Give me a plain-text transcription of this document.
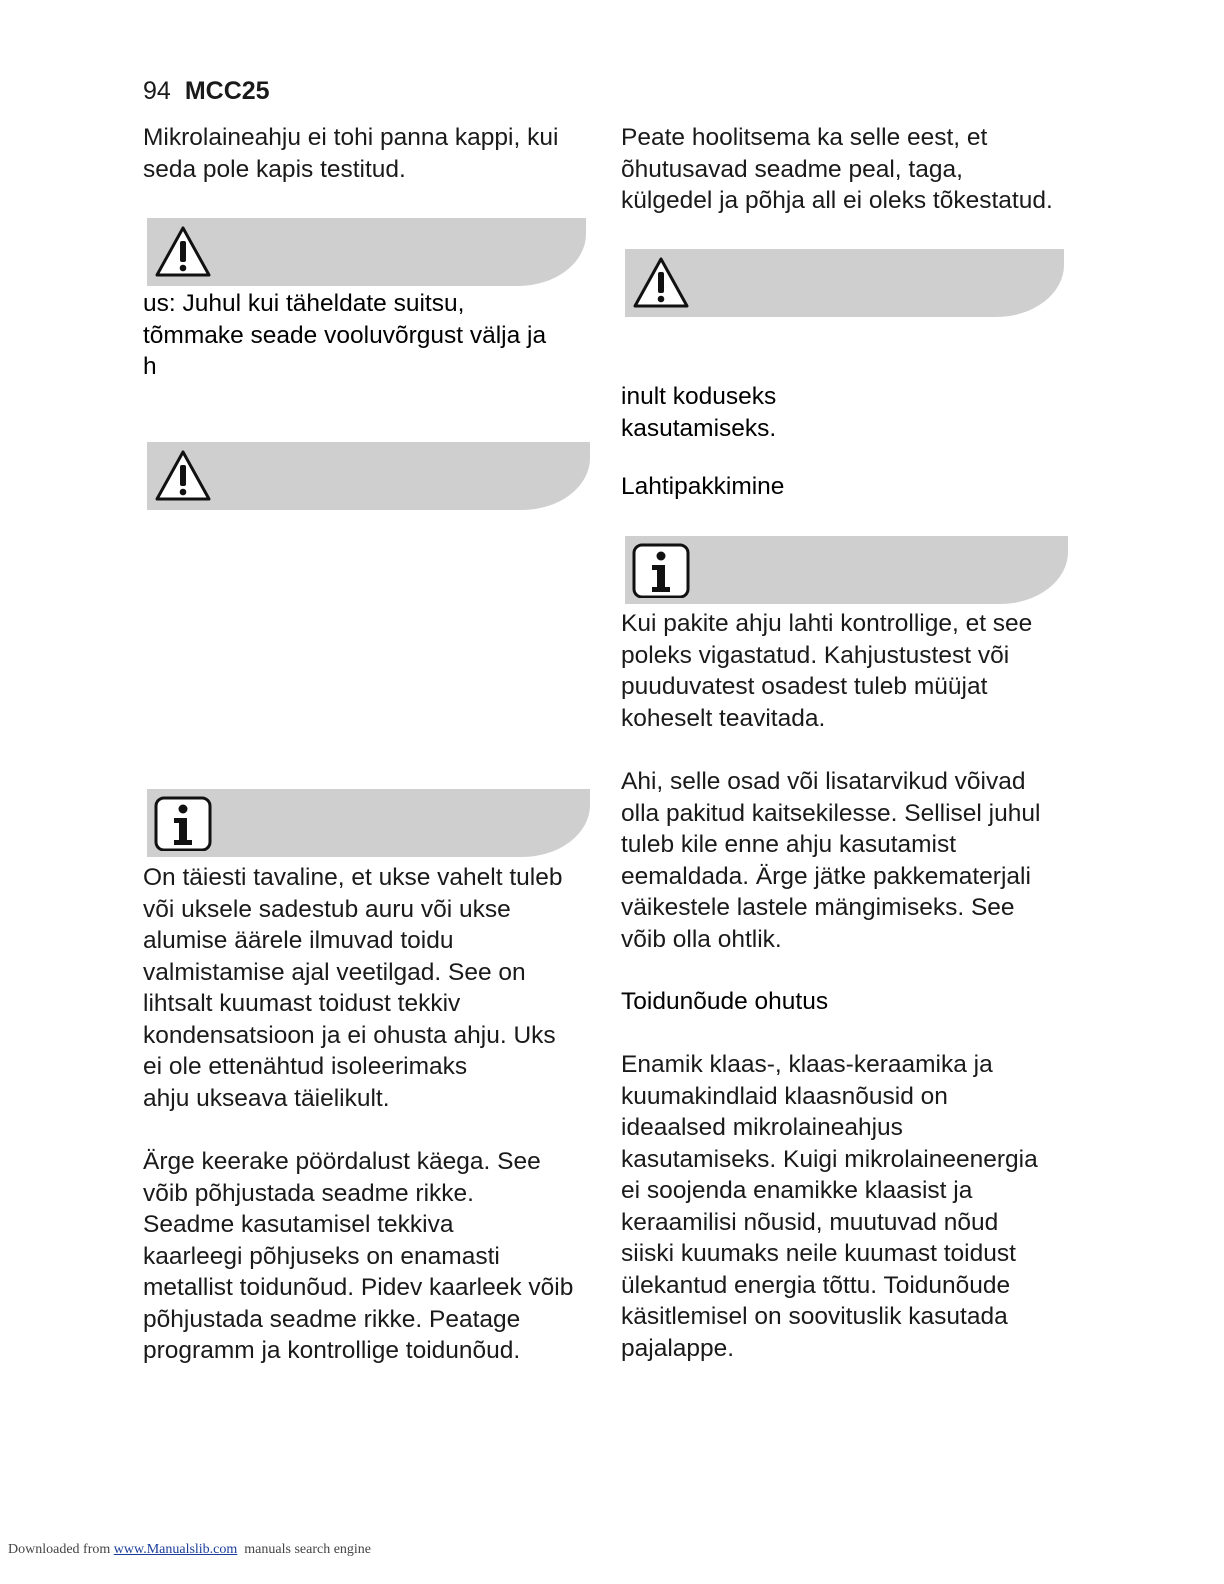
94 MCC25

Mikrolaineahju ei tohi panna kappi, kui
seda pole kapis testitud.

us: Juhul kui täheldate suitsu,
tõmmake seade vooluvõrgust välja ja
h

On täiesti tavaline, et ukse vahelt tuleb
või uksele sadestub auru või ukse
alumise äärele ilmuvad toidu
valmistamise ajal veetilgad. See on
lihtsalt kuumast toidust tekkiv
kondensatsioon ja ei ohusta ahju. Uks
ei ole ettenähtud isoleerimaks
ahju ukseava täielikult.

Ärge keerake pöördalust käega. See
võib põhjustada seadme rikke.
Seadme kasutamisel tekkiva
kaarleegi põhjuseks on enamasti
metallist toidunõud. Pidev kaarleek võib
põhjustada seadme rikke. Peatage
programm ja kontrollige toidunõud.

Peate hoolitsema ka selle eest, et
õhutusavad seadme peal, taga,
külgedel ja põhja all ei oleks tõkestatud.

inult koduseks
kasutamiseks.

Lahtipakkimine

Kui pakite ahju lahti kontrollige, et see
poleks vigastatud. Kahjustustest või
puuduvatest osadest tuleb müüjat
koheselt teavitada.

Ahi, selle osad või lisatarvikud võivad
olla pakitud kaitsekilesse. Sellisel juhul
tuleb kile enne ahju kasutamist
eemaldada. Ärge jätke pakkematerjali
väikestele lastele mängimiseks. See
võib olla ohtlik.

Toidunõude ohutus

Enamik klaas-, klaas-keraamika ja
kuumakindlaid klaasnõusid on
ideaalsed mikrolaineahjus
kasutamiseks. Kuigi mikrolaineenergia
ei soojenda enamikke klaasist ja
keraamilisi nõusid, muutuvad nõud
siiski kuumaks neile kuumast toidust
ülekantud energia tõttu. Toidunõude
käsitlemisel on soovituslik kasutada
pajalappe.

Downloaded from www.Manualslib.com  manuals search engine
